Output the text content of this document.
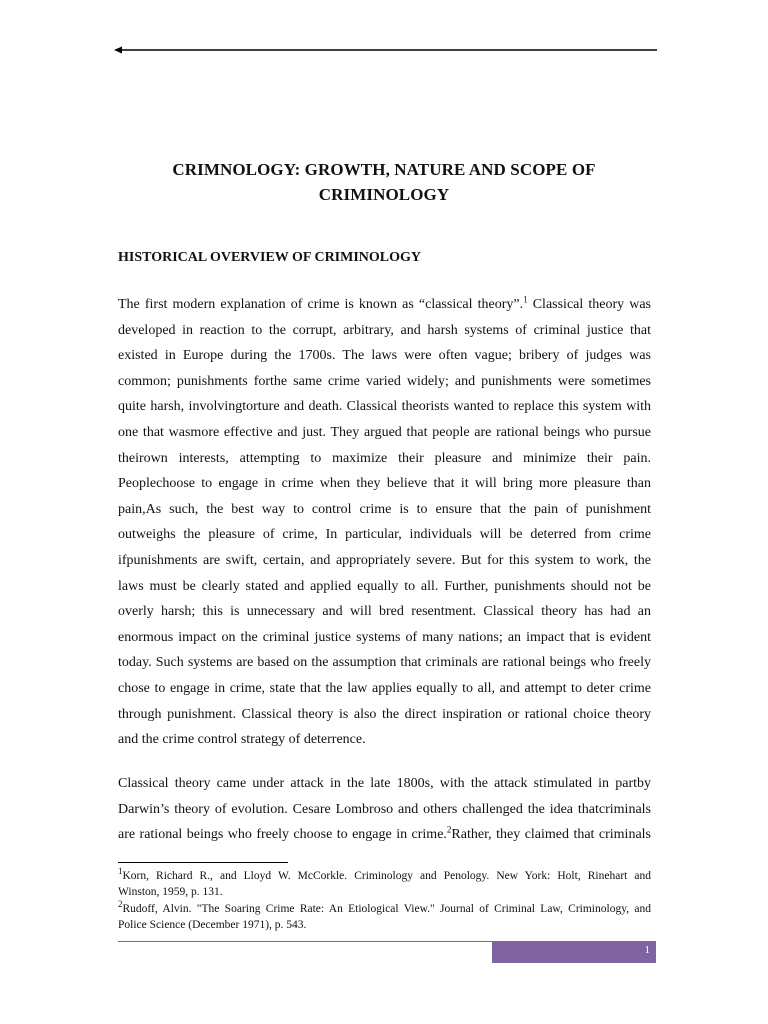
CRIMNOLOGY: GROWTH, NATURE AND SCOPE OF
CRIMINOLOGY
HISTORICAL OVERVIEW OF CRIMINOLOGY

The first modern explanation of crime is known as “classical theory”.$^1$ Classical theory was
developed in reaction to the corrupt, arbitrary, and harsh systems of criminal justice that
existed in Europe during the 1700s. The laws were often vague; bribery of judges was
common; punishments forthe same crime varied widely; and punishments were sometimes
quite harsh, involvingtorture and death. Classical theorists wanted to replace this system with
one that wasmore effective and just. They argued that people are rational beings who pursue
theirown interests, attempting to maximize their pleasure and minimize their pain.
Peoplechoose to engage in crime when they believe that it will bring more pleasure than
pain,As such, the best way to control crime is to ensure that the pain of punishment
outweighs the pleasure of crime, In particular, individuals will be deterred from crime
ifpunishments are swift, certain, and appropriately severe. But for this system to work, the
laws must be clearly stated and applied equally to all. Further, punishments should not be
overly harsh; this is unnecessary and will bred resentment. Classical theory has had an
enormous impact on the criminal justice systems of many nations; an impact that is evident
today. Such systems are based on the assumption that criminals are rational beings who freely
chose to engage in crime, state that the law applies equally to all, and attempt to deter crime
through punishment. Classical theory is also the direct inspiration or rational choice theory
and the crime control strategy of deterrence.

Classical theory came under attack in the late 1800s, with the attack stimulated in partby
Darwin’s theory of evolution. Cesare Lombroso and others challenged the idea thatcriminals
are rational beings who freely choose to engage in crime.$^2$Rather, they claimed that criminals

$^1$Korn, Richard R., and Lloyd W. McCorkle. Criminology and Penology. New York: Holt, Rinehart and
Winston, 1959, p. 131.
$^2$Rudoff, Alvin. "The Soaring Crime Rate: An Etiological View." Journal of Criminal Law, Criminology, and
Police Science (December 1971), p. 543.
1
